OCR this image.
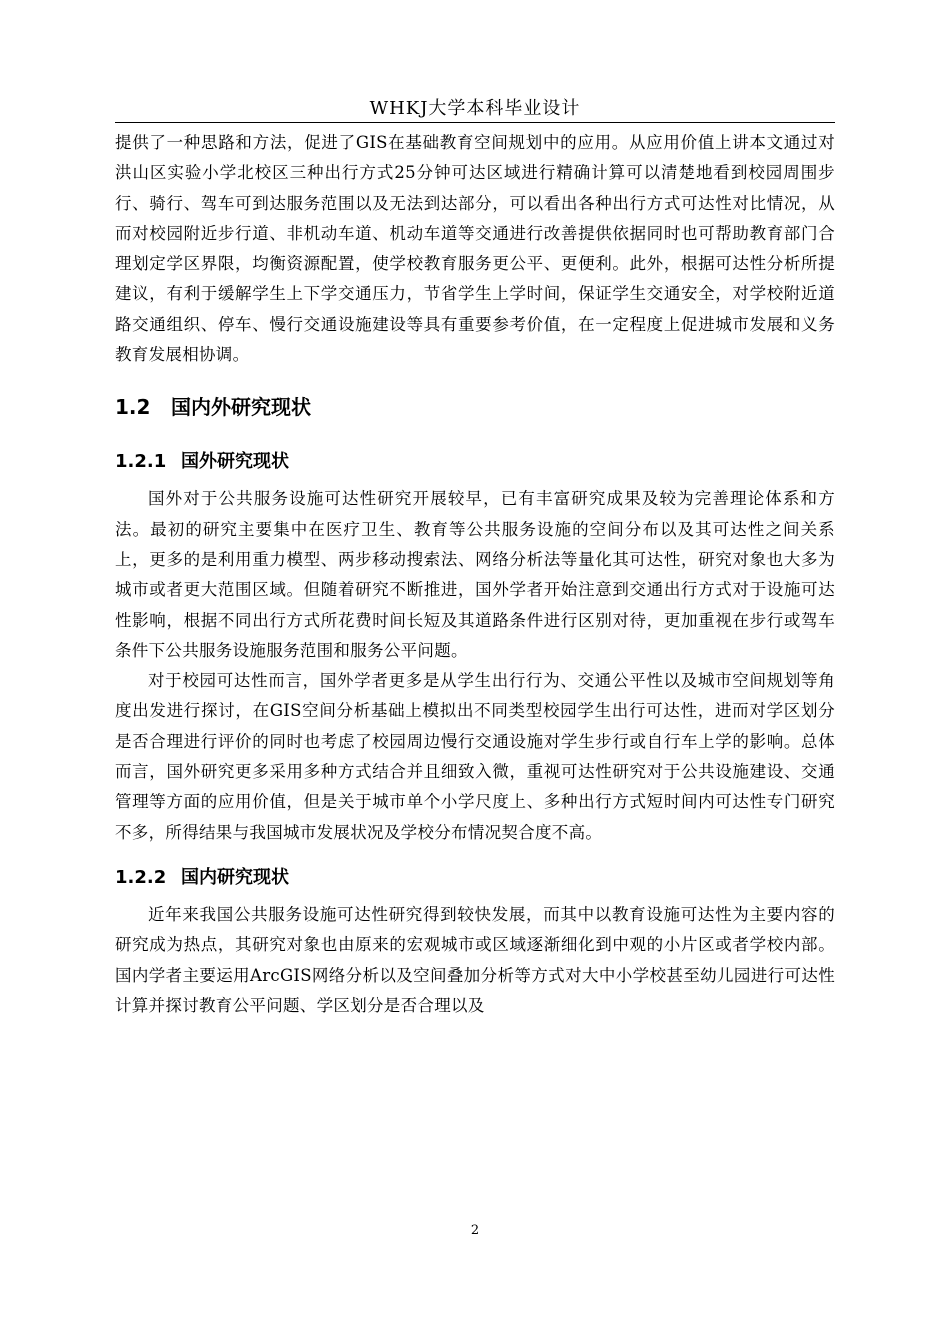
WHKJ大学本科毕业设计

提供了一种思路和方法，促进了GIS在基础教育空间规划中的应用。从应用价值上讲本文通过对洪山区实验小学北校区三种出行方式25分钟可达区域进行精确计算可以清楚地看到校园周围步行、骑行、驾车可到达服务范围以及无法到达部分，可以看出各种出行方式可达性对比情况，从而对校园附近步行道、非机动车道、机动车道等交通进行改善提供依据同时也可帮助教育部门合理划定学区界限，均衡资源配置，使学校教育服务更公平、更便利。此外，根据可达性分析所提建议，有利于缓解学生上下学交通压力，节省学生上学时间，保证学生交通安全，对学校附近道路交通组织、停车、慢行交通设施建设等具有重要参考价值，在一定程度上促进城市发展和义务教育发展相协调。

1.2 国内外研究现状
1.2.1 国外研究现状

国外对于公共服务设施可达性研究开展较早，已有丰富研究成果及较为完善理论体系和方法。最初的研究主要集中在医疗卫生、教育等公共服务设施的空间分布以及其可达性之间关系上，更多的是利用重力模型、两步移动搜索法、网络分析法等量化其可达性，研究对象也大多为城市或者更大范围区域。但随着研究不断推进，国外学者开始注意到交通出行方式对于设施可达性影响，根据不同出行方式所花费时间长短及其道路条件进行区别对待，更加重视在步行或驾车条件下公共服务设施服务范围和服务公平问题。

对于校园可达性而言，国外学者更多是从学生出行行为、交通公平性以及城市空间规划等角度出发进行探讨，在GIS空间分析基础上模拟出不同类型校园学生出行可达性，进而对学区划分是否合理进行评价的同时也考虑了校园周边慢行交通设施对学生步行或自行车上学的影响。总体而言，国外研究更多采用多种方式结合并且细致入微，重视可达性研究对于公共设施建设、交通管理等方面的应用价值，但是关于城市单个小学尺度上、多种出行方式短时间内可达性专门研究不多，所得结果与我国城市发展状况及学校分布情况契合度不高。

1.2.2 国内研究现状

近年来我国公共服务设施可达性研究得到较快发展，而其中以教育设施可达性为主要内容的研究成为热点，其研究对象也由原来的宏观城市或区域逐渐细化到中观的小片区或者学校内部。国内学者主要运用ArcGIS网络分析以及空间叠加分析等方式对大中小学校甚至幼儿园进行可达性计算并探讨教育公平问题、学区划分是否合理以及

2
